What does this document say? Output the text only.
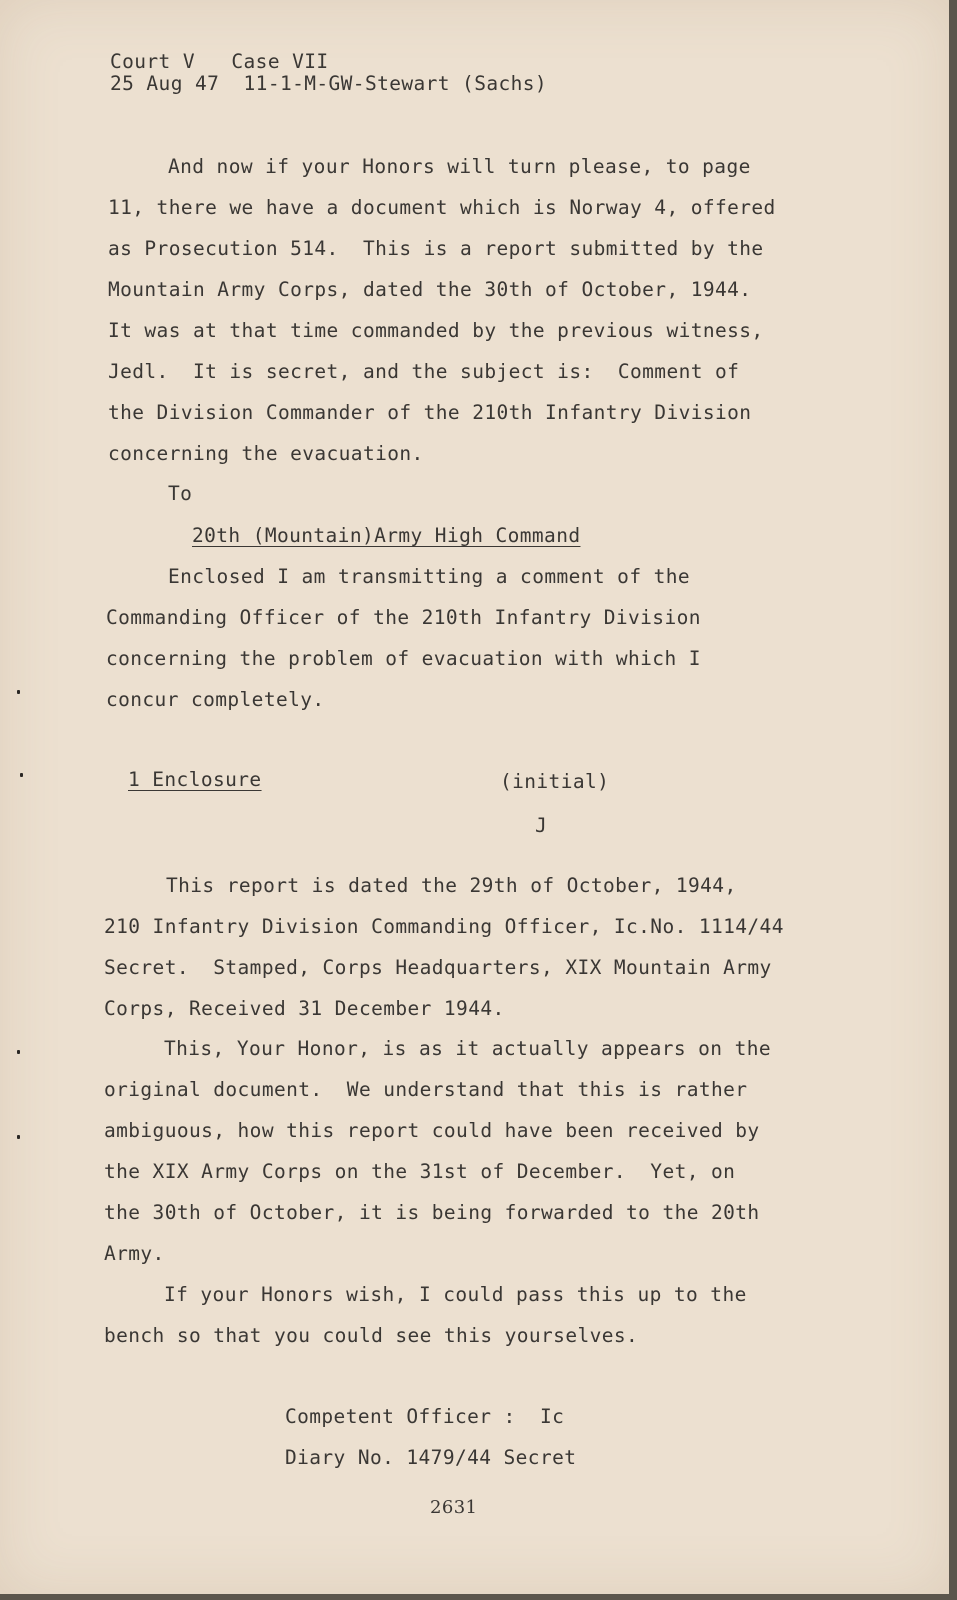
Court V   Case VII
25 Aug 47  11-1-M-GW-Stewart (Sachs)
And now if your Honors will turn please, to page
11, there we have a document which is Norway 4, offered
as Prosecution 514.  This is a report submitted by the
Mountain Army Corps, dated the 30th of October, 1944.
It was at that time commanded by the previous witness,
Jedl.  It is secret, and the subject is:  Comment of
the Division Commander of the 210th Infantry Division
concerning the evacuation.
To
20th (Mountain)Army High Command
Enclosed I am transmitting a comment of the
Commanding Officer of the 210th Infantry Division
concerning the problem of evacuation with which I
concur completely.
1 Enclosure	(initial)
J
This report is dated the 29th of October, 1944,
210 Infantry Division Commanding Officer, Ic.No. 1114/44
Secret.  Stamped, Corps Headquarters, XIX Mountain Army
Corps, Received 31 December 1944.
This, Your Honor, is as it actually appears on the
original document.  We understand that this is rather
ambiguous, how this report could have been received by
the XIX Army Corps on the 31st of December.  Yet, on
the 30th of October, it is being forwarded to the 20th
Army.
If your Honors wish, I could pass this up to the
bench so that you could see this yourselves.
Competent Officer :  Ic
Diary No. 1479/44 Secret
2631
